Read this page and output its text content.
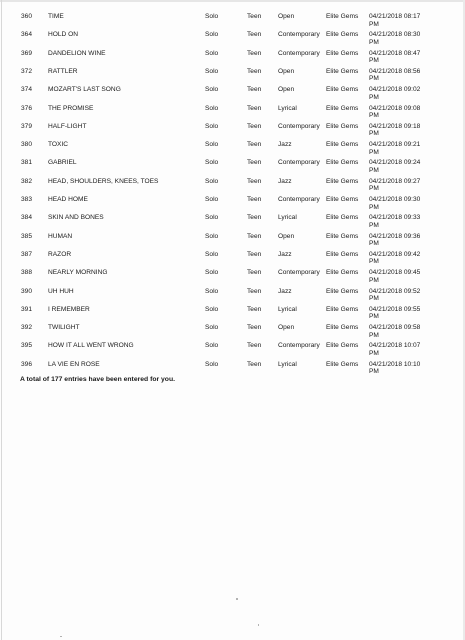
360 TIME	Solo	Teen	Open	Elite Gems 04/21/2018 08:17 PM
364 HOLD ON	Solo	Teen	Contemporary Elite Gems 04/21/2018 08:30 PM
369 DANDELION WINE	Solo	Teen	Contemporary Elite Gems 04/21/2018 08:47 PM
372 RATTLER	Solo	Teen	Open	Elite Gems 04/21/2018 08:56 PM
374 MOZART'S LAST SONG	Solo	Teen	Open	Elite Gems 04/21/2018 09:02 PM
376 THE PROMISE	Solo	Teen	Lyrical	Elite Gems 04/21/2018 09:08 PM
379 HALF-LIGHT	Solo	Teen	Contemporary Elite Gems 04/21/2018 09:18 PM
380 TOXIC	Solo	Teen	Jazz	Elite Gems 04/21/2018 09:21 PM
381 GABRIEL	Solo	Teen	Contemporary Elite Gems 04/21/2018 09:24 PM
382 HEAD, SHOULDERS, KNEES, TOES	Solo	Teen	Jazz	Elite Gems 04/21/2018 09:27 PM
383 HEAD HOME	Solo	Teen	Contemporary Elite Gems 04/21/2018 09:30 PM
384 SKIN AND BONES	Solo	Teen	Lyrical	Elite Gems 04/21/2018 09:33 PM
385 HUMAN	Solo	Teen	Open	Elite Gems 04/21/2018 09:36 PM
387 RAZOR	Solo	Teen	Jazz	Elite Gems 04/21/2018 09:42 PM
388 NEARLY MORNING	Solo	Teen	Contemporary Elite Gems 04/21/2018 09:45 PM
390 UH HUH	Solo	Teen	Jazz	Elite Gems 04/21/2018 09:52 PM
391 I REMEMBER	Solo	Teen	Lyrical	Elite Gems 04/21/2018 09:55 PM
392 TWILIGHT	Solo	Teen	Open	Elite Gems 04/21/2018 09:58 PM
395 HOW IT ALL WENT WRONG	Solo	Teen	Contemporary Elite Gems 04/21/2018 10:07 PM
396 LA VIE EN ROSE	Solo	Teen	Lyrical	Elite Gems 04/21/2018 10:10 PM
A total of 177 entries have been entered for you.
